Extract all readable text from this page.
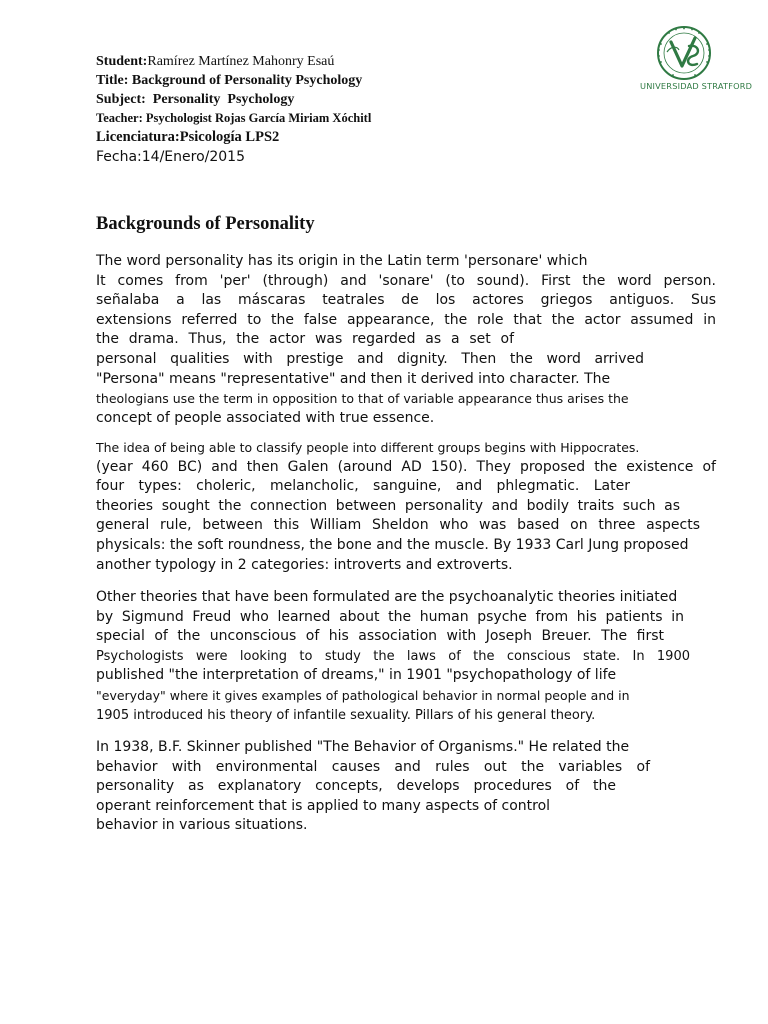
Student:Ramírez Martínez Mahonry Esaú
Title: Background of Personality Psychology
Subject:  Personality  Psychology
Teacher: Psychologist Rojas García Miriam Xóchitl
Licenciatura:Psicología LPS2
Fecha:14/Enero/2015
UNIVERSIDAD STRATFORD
Backgrounds of Personality
The word personality has its origin in the Latin term 'personare' which
It comes from 'per' (through) and 'sonare' (to sound). First the word person.
señalaba a las máscaras teatrales de los actores griegos antiguos. Sus
extensions referred to the false appearance, the role that the actor assumed in
the drama. Thus, the actor was regarded as a set of
personal qualities with prestige and dignity. Then the word arrived
"Persona" means "representative" and then it derived into character. The
theologians use the term in opposition to that of variable appearance thus arises the
concept of people associated with true essence.
The idea of being able to classify people into different groups begins with Hippocrates.
(year 460 BC) and then Galen (around AD 150). They proposed the existence of
four types: choleric, melancholic, sanguine, and phlegmatic. Later
theories sought the connection between personality and bodily traits such as
general rule, between this William Sheldon who was based on three aspects
physicals: the soft roundness, the bone and the muscle. By 1933 Carl Jung proposed
another typology in 2 categories: introverts and extroverts.
Other theories that have been formulated are the psychoanalytic theories initiated
by Sigmund Freud who learned about the human psyche from his patients in
special of the unconscious of his association with Joseph Breuer. The first
Psychologists were looking to study the laws of the conscious state. In 1900
published "the interpretation of dreams," in 1901 "psychopathology of life
"everyday" where it gives examples of pathological behavior in normal people and in
1905 introduced his theory of infantile sexuality. Pillars of his general theory.
In 1938, B.F. Skinner published "The Behavior of Organisms." He related the
behavior with environmental causes and rules out the variables of
personality as explanatory concepts, develops procedures of the
operant reinforcement that is applied to many aspects of control
behavior in various situations.
